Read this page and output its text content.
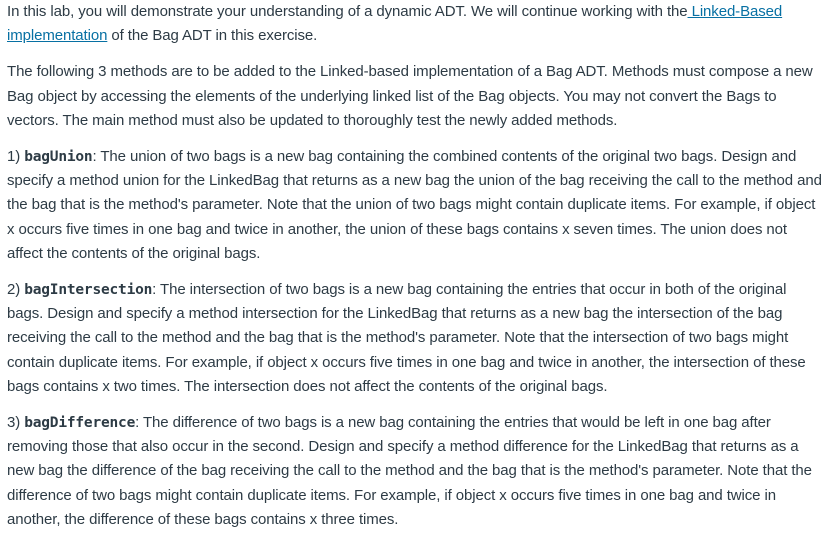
In this lab, you will demonstrate your understanding of a dynamic ADT. We will continue working with the Linked-Based implementation of the Bag ADT in this exercise.

The following 3 methods are to be added to the Linked-based implementation of a Bag ADT. Methods must compose a new Bag object by accessing the elements of the underlying linked list of the Bag objects. You may not convert the Bags to vectors. The main method must also be updated to thoroughly test the newly added methods.

1) bagUnion: The union of two bags is a new bag containing the combined contents of the original two bags. Design and specify a method union for the LinkedBag that returns as a new bag the union of the bag receiving the call to the method and the bag that is the method's parameter. Note that the union of two bags might contain duplicate items. For example, if object x occurs five times in one bag and twice in another, the union of these bags contains x seven times. The union does not affect the contents of the original bags.

2) bagIntersection: The intersection of two bags is a new bag containing the entries that occur in both of the original bags. Design and specify a method intersection for the LinkedBag that returns as a new bag the intersection of the bag receiving the call to the method and the bag that is the method's parameter. Note that the intersection of two bags might contain duplicate items. For example, if object x occurs five times in one bag and twice in another, the intersection of these bags contains x two times. The intersection does not affect the contents of the original bags.

3) bagDifference: The difference of two bags is a new bag containing the entries that would be left in one bag after removing those that also occur in the second. Design and specify a method difference for the LinkedBag that returns as a new bag the difference of the bag receiving the call to the method and the bag that is the method's parameter. Note that the difference of two bags might contain duplicate items. For example, if object x occurs five times in one bag and twice in another, the difference of these bags contains x three times.
